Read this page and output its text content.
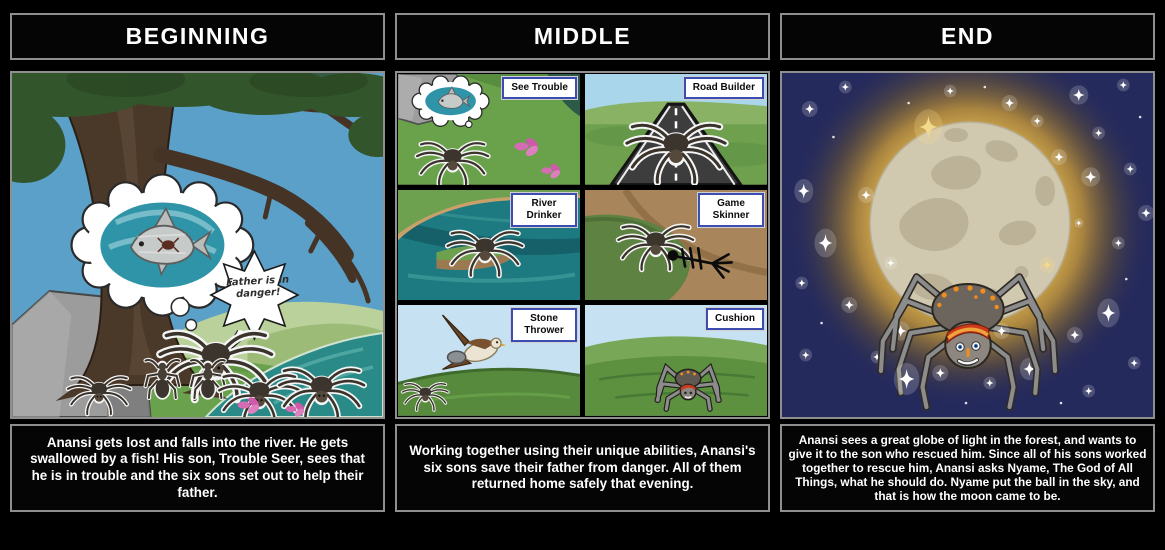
BEGINNING
Father is in danger!
Anansi gets lost and falls into the river. He gets swallowed by a fish! His son, Trouble Seer, sees that he is in trouble and the six sons set out to help their father.
MIDDLE
See Trouble	Road Builder
River Drinker
Game Skinner
Stone Thrower
Cushion
Working together using their unique abilities, Anansi's six sons save their father from danger. All of them returned home safely that evening.
END
Anansi sees a great globe of light in the forest, and wants to give it to the son who rescued him. Since all of his sons worked together to rescue him, Anansi asks Nyame, The God of All Things, what he should do. Nyame put the ball in the sky, and that is how the moon came to be.
